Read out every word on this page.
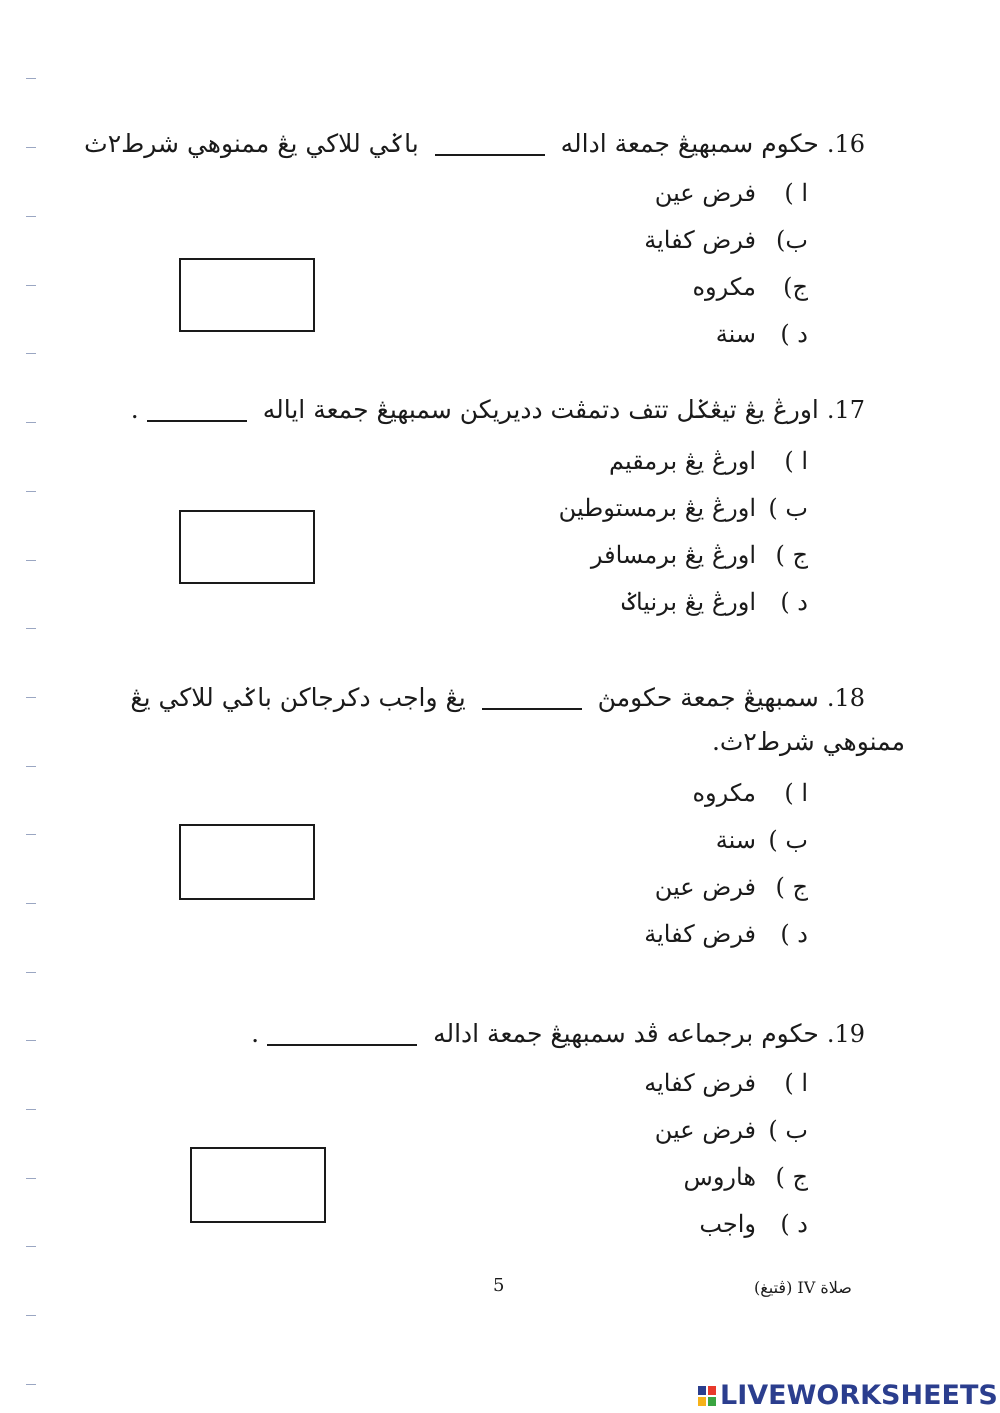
16. حكوم سمبهيڠ جمعة اداله  باݢي للاكي يڠ ممنوهي شرط٢ث
ا )
فرض عين
ب)
فرض كفاية
ج)
مكروه
د )
سنة
17. اورڠ يڠ تيڠݢل تتف دتمڤت دديريکن سمبهيڠ جمعة اياله .
ا )
اورڠ يڠ برمقيم
ب )
اورڠ يڠ برمستوطين
ج )
اورڠ يڠ برمسافر
د )
اورڠ يڠ برنياݢ
18. سمبهيڠ جمعة حكومڽ  يڠ واجب دکرجاکن باݢي للاكي يڠ
ممنوهي شرط٢ث.
ا )
مكروه
ب )
سنة
ج )
فرض عين
د )
فرض كفاية
19. حكوم برجماعه ڤد سمبهيڠ جمعة اداله .
ا )
فرض كفايه
ب )
فرض عين
ج )
هاروس
د )
واجب
5	صلاة IV (ڤتيغ)
LIVEWORKSHEETS
